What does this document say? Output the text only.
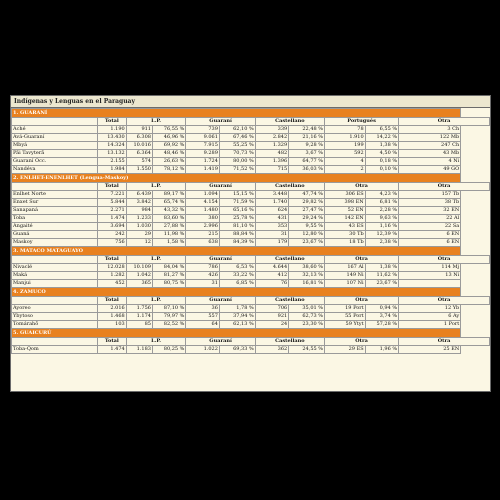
Indígenas y Lenguas en el Paraguay
1. GUARANÍ										
	Total	L.P.		Guaraní		Castellano		Portugués		Otra
Aché	1.190	911	76,55 %	739	62,10 %	339	22,48 %	78	6,55 %	3 Ch
Avá-Guaraní	13.430	6.308	46,96 %	9.061	67,46 %	2.842	21,16 %	1.910	14,22 %	122 Mb
Mbyá	14.324	10.016	69,92 %	7.915	55,25 %	1.329	9,28 %	199	1,38 %	247 Ch
Pãi Tavyterã	13.132	6.364	48,46 %	9.289	70,73 %	482	3,67 %	592	4,50 %	43 Mb
Guaraní Occ.	2.155	574	26,63 %	1.724	80,00 %	1.396	64,77 %	4	0,18 %	4 Ni
Ñandéva	1.984	1.550	78,12 %	1.419	71,52 %	715	36,03 %	2	0,10 %	49 GO
2. ENLHET-ENENLHET (Lengua-Maskoy)										
	Total	L.P.		Guaraní		Castellano		Otra		Otra
Enlhet Norte	7.221	6.439	89,17 %	1.094	15,15 %	3.448	47,74 %	306 ES	4,23 %	157 Tb
Enxet Sur	5.844	3.842	65,74 %	4.154	71,59 %	1.740	29,82 %	398 EN	6,81 %	38 Tb
Sanapaná	2.271	984	43,32 %	1.480	65,16 %	624	27,47 %	52 EN	2,28 %	32 EN
Toba	1.474	1.233	83,60 %	380	25,78 %	431	29,24 %	142 EN	9,63 %	22 Al
Angaité	3.694	1.030	27,88 %	2.996	81,10 %	353	9,55 %	43 ES	1,16 %	22 Sa
Guaná	242	29	11,98 %	215	88,84 %	31	12,80 %	30 Tb	12,39 %	6 EN
Maskoy	756	12	1,58 %	638	84,39 %	179	23,67 %	18 Tb	2,38 %	6 EN
3. MATACO MATAGUAYO										
	Total	L.P.		Guaraní		Castellano		Otra		Otra
Nivaclé	12.028	10.109	84,04 %	786	6,53 %	4.644	38,60 %	167 Al	1,38 %	114 Mj
Maká	1.282	1.042	81,27 %	426	33,22 %	412	32,13 %	149 Ni	11,62 %	13 Ni
Manjui	452	365	80,75 %	31	6,85 %	76	16,81 %	107 Ni	23,67 %	
4. ZAMUCO										
	Total	L.P.		Guaraní		Castellano		Otra		Otra
Ayoreo	2.016	1.756	87,10 %	36	1,78 %	706	35,01 %	19 Port	0,94 %	12 Yb
Ybytoso	1.468	1.174	79,97 %	557	37,94 %	921	62,73 %	55 Port	3,74 %	6 Ay
Tomárahõ	103	85	82,52 %	64	62,13 %	24	23,30 %	59 Ytyt	57,28 %	1 Port
5. GUAICURÚ										
	Total	L.P.		Guaraní		Castellano		Otra		Otra
Toba-Qom	1.474	1.183	80,25 %	1.022	69,33 %	362	24,55 %	29 ES	1,96 %	25 EN
